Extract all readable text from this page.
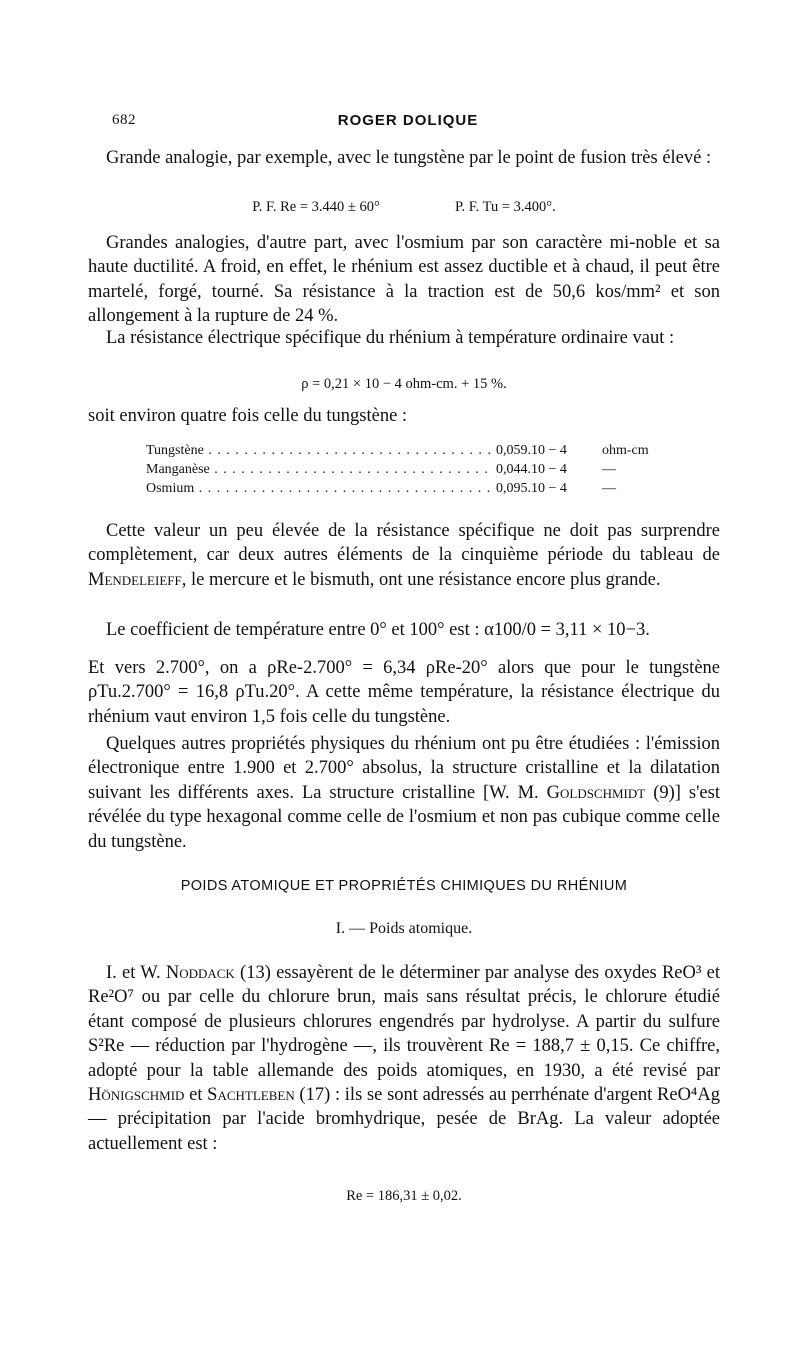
682	ROGER DOLIQUE
Grande analogie, par exemple, avec le tungstène par le point de fusion très élevé :
P. F. Re = 3.440 ± 60°	P. F. Tu = 3.400°.
Grandes analogies, d'autre part, avec l'osmium par son caractère mi-noble et sa haute ductilité. A froid, en effet, le rhénium est assez ductible et à chaud, il peut être martelé, forgé, tourné. Sa résistance à la traction est de 50,6 kos/mm² et son allongement à la rupture de 24 %.
La résistance électrique spécifique du rhénium à température ordinaire vaut :
ρ = 0,21 × 10 − 4 ohm-cm. + 15 %.
soit environ quatre fois celle du tungstène :
Tungstène . . .	0,059.10 − 4	ohm-cm
Manganèse . . .	0,044.10 − 4	—
Osmium . . .	0,095.10 − 4	—
Cette valeur un peu élevée de la résistance spécifique ne doit pas surprendre complètement, car deux autres éléments de la cinquième période du tableau de Mendeleieff, le mercure et le bismuth, ont une résistance encore plus grande.
Le coefficient de température entre 0° et 100° est : α100/0 = 3,11 × 10−3.
Et vers 2.700°, on a ρRe-2.700° = 6,34 ρRe-20° alors que pour le tungstène ρTu.2.700° = 16,8 ρTu.20°. A cette même température, la résistance électrique du rhénium vaut environ 1,5 fois celle du tungstène.
Quelques autres propriétés physiques du rhénium ont pu être étudiées : l'émission électronique entre 1.900 et 2.700° absolus, la structure cristalline et la dilatation suivant les différents axes. La structure cristalline [W. M. Goldschmidt (9)] s'est révélée du type hexagonal comme celle de l'osmium et non pas cubique comme celle du tungstène.
POIDS ATOMIQUE ET PROPRIÉTÉS CHIMIQUES DU RHÉNIUM
I. — Poids atomique.
I. et W. Noddack (13) essayèrent de le déterminer par analyse des oxydes ReO³ et Re²O⁷ ou par celle du chlorure brun, mais sans résultat précis, le chlorure étudié étant composé de plusieurs chlorures engendrés par hydrolyse. A partir du sulfure S²Re — réduction par l'hydrogène —, ils trouvèrent Re = 188,7 ± 0,15. Ce chiffre, adopté pour la table allemande des poids atomiques, en 1930, a été revisé par Hönigschmid et Sachtleben (17) : ils se sont adressés au perrhénate d'argent ReO⁴Ag — précipitation par l'acide bromhydrique, pesée de BrAg. La valeur adoptée actuellement est :
Re = 186,31 ± 0,02.
